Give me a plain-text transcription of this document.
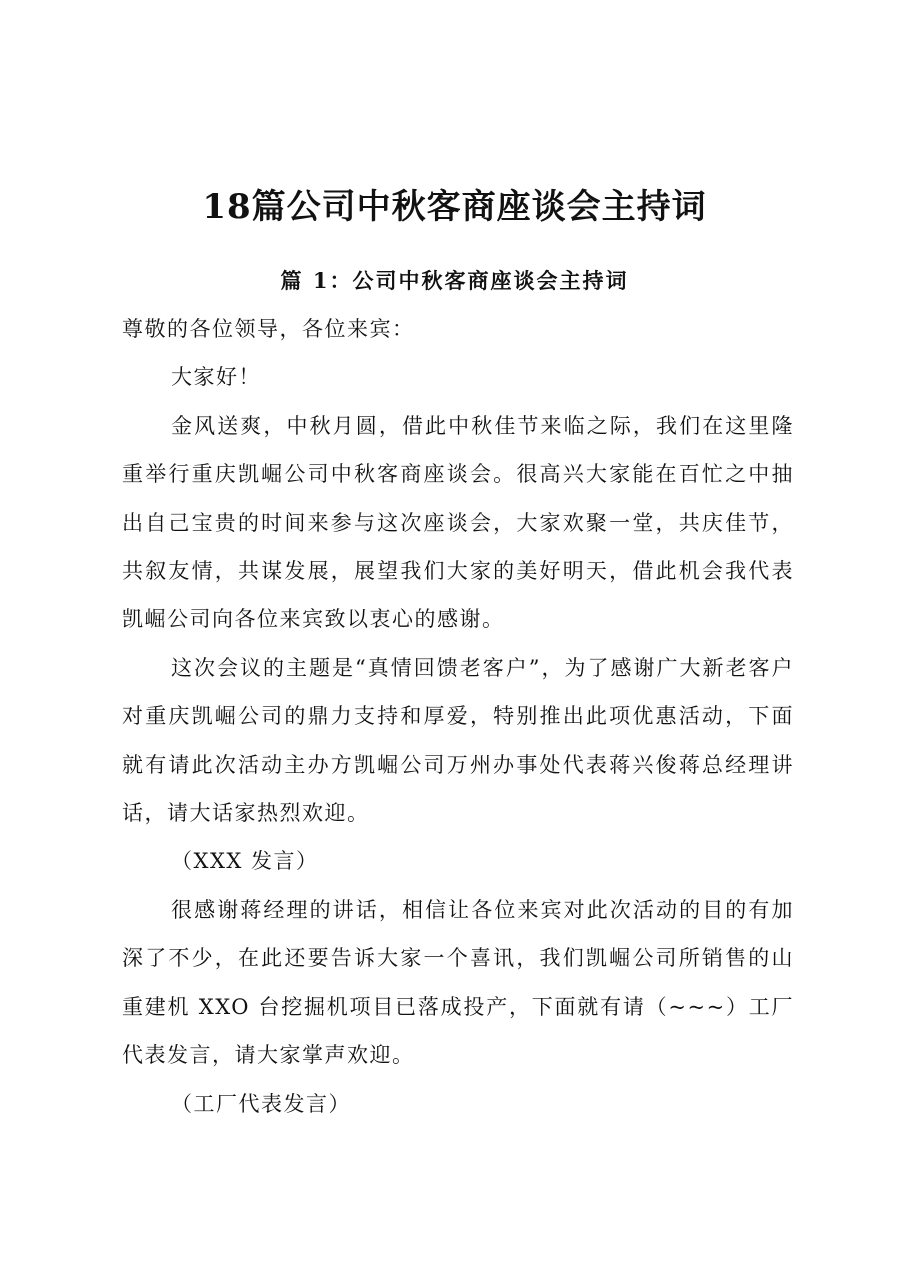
18篇公司中秋客商座谈会主持词
篇 1：公司中秋客商座谈会主持词

尊敬的各位领导，各位来宾：

大家好！

金风送爽，中秋月圆，借此中秋佳节来临之际，我们在这里隆重举行重庆凯崛公司中秋客商座谈会。很高兴大家能在百忙之中抽出自己宝贵的时间来参与这次座谈会，大家欢聚一堂，共庆佳节，共叙友情，共谋发展，展望我们大家的美好明天，借此机会我代表凯崛公司向各位来宾致以衷心的感谢。

这次会议的主题是“真情回馈老客户”，为了感谢广大新老客户对重庆凯崛公司的鼎力支持和厚爱，特别推出此项优惠活动，下面就有请此次活动主办方凯崛公司万州办事处代表蒋兴俊蒋总经理讲话，请大话家热烈欢迎。

（XXX 发言）

很感谢蒋经理的讲话，相信让各位来宾对此次活动的目的有加深了不少，在此还要告诉大家一个喜讯，我们凯崛公司所销售的山重建机 XXO 台挖掘机项目已落成投产，下面就有请（~~~）工厂代表发言，请大家掌声欢迎。

（工厂代表发言）
